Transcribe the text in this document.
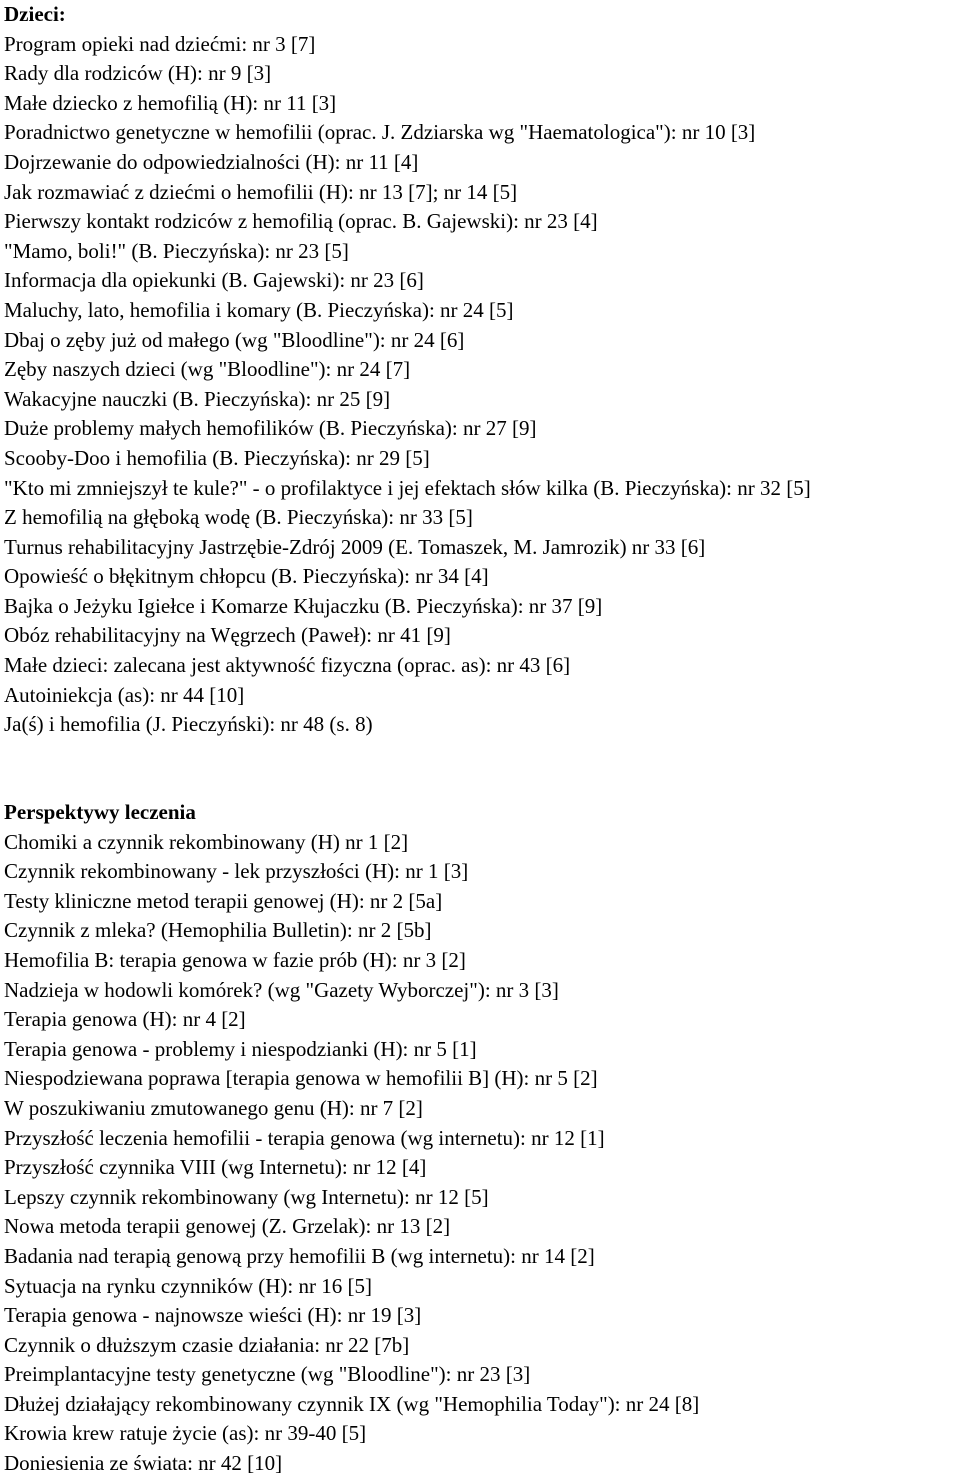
Dzieci:
Program opieki nad dziećmi: nr 3 [7]
Rady dla rodziców (H): nr 9 [3]
Małe dziecko z hemofilią (H): nr 11 [3]
Poradnictwo genetyczne w hemofilii (oprac. J. Zdziarska wg "Haematologica"): nr 10 [3]
Dojrzewanie do odpowiedzialności (H): nr 11 [4]
Jak rozmawiać z dziećmi o hemofilii (H): nr 13 [7]; nr 14 [5]
Pierwszy kontakt rodziców z hemofilią (oprac. B. Gajewski): nr 23 [4]
"Mamo, boli!" (B. Pieczyńska): nr 23 [5]
Informacja dla opiekunki (B. Gajewski): nr 23 [6]
Maluchy, lato, hemofilia i komary (B. Pieczyńska): nr 24 [5]
Dbaj o zęby już od małego (wg "Bloodline"): nr 24 [6]
Zęby naszych dzieci (wg "Bloodline"): nr 24 [7]
Wakacyjne nauczki (B. Pieczyńska): nr 25 [9]
Duże problemy małych hemofilików (B. Pieczyńska): nr 27 [9]
Scooby-Doo i hemofilia (B. Pieczyńska): nr 29 [5]
"Kto mi zmniejszył te kule?" - o profilaktyce i jej efektach słów kilka (B. Pieczyńska): nr 32 [5]
Z hemofilią na głęboką wodę (B. Pieczyńska): nr 33 [5]
Turnus rehabilitacyjny Jastrzębie-Zdrój 2009 (E. Tomaszek, M. Jamrozik) nr 33 [6]
Opowieść o błękitnym chłopcu (B. Pieczyńska): nr 34 [4]
Bajka o Jeżyku Igiełce i Komarze Kłujaczku (B. Pieczyńska): nr 37 [9]
Obóz rehabilitacyjny na Węgrzech (Paweł): nr 41 [9]
Małe dzieci: zalecana jest aktywność fizyczna (oprac. as): nr 43 [6]
Autoiniekcja (as): nr 44 [10]
Ja(ś) i hemofilia (J. Pieczyński): nr 48 (s. 8)
Perspektywy leczenia
Chomiki a czynnik rekombinowany (H) nr 1 [2]
Czynnik rekombinowany - lek przyszłości (H): nr 1 [3]
Testy kliniczne metod terapii genowej (H): nr 2 [5a]
Czynnik z mleka? (Hemophilia Bulletin): nr 2 [5b]
Hemofilia B: terapia genowa w fazie prób (H): nr 3 [2]
Nadzieja w hodowli komórek? (wg "Gazety Wyborczej"): nr 3 [3]
Terapia genowa (H): nr 4 [2]
Terapia genowa - problemy i niespodzianki (H): nr 5 [1]
Niespodziewana poprawa [terapia genowa w hemofilii B] (H): nr 5 [2]
W poszukiwaniu zmutowanego genu (H): nr 7 [2]
Przyszłość leczenia hemofilii - terapia genowa (wg internetu): nr 12 [1]
Przyszłość czynnika VIII (wg Internetu): nr 12 [4]
Lepszy czynnik rekombinowany (wg Internetu): nr 12 [5]
Nowa metoda terapii genowej (Z. Grzelak): nr 13 [2]
Badania nad terapią genową przy hemofilii B (wg internetu): nr 14 [2]
Sytuacja na rynku czynników (H): nr 16 [5]
Terapia genowa - najnowsze wieści (H): nr 19 [3]
Czynnik o dłuższym czasie działania: nr 22 [7b]
Preimplantacyjne testy genetyczne (wg "Bloodline"): nr 23 [3]
Dłużej działający rekombinowany czynnik IX (wg "Hemophilia Today"): nr 24 [8]
Krowia krew ratuje życie (as): nr 39-40 [5]
Doniesienia ze świata: nr 42 [10]
